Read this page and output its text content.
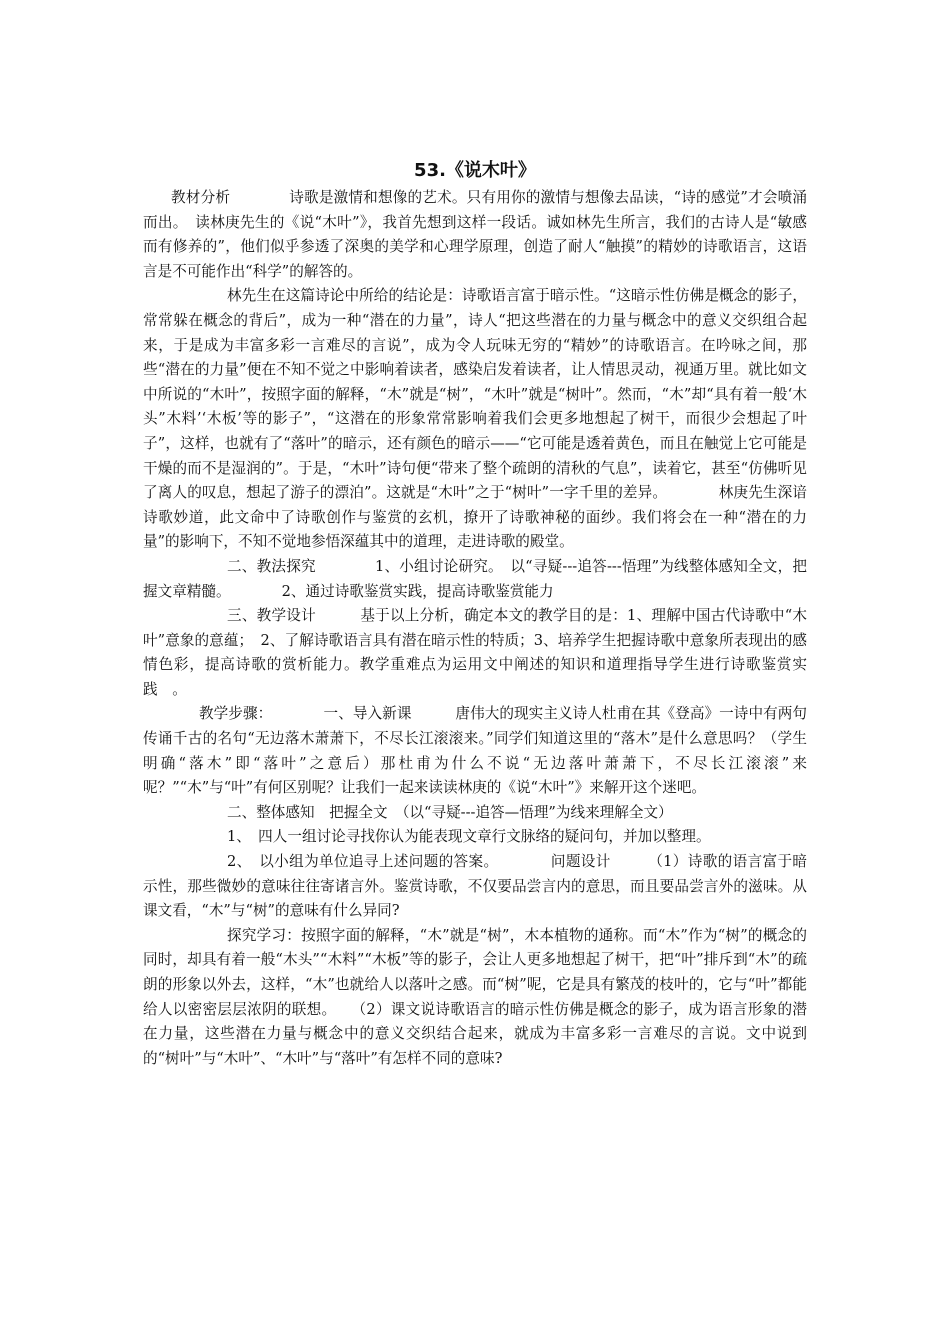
53.《说木叶》

教材分析　　　　诗歌是激情和想像的艺术。只有用你的激情与想像去品读，“诗的感觉”才会喷涌而出。　读林庚先生的《说“木叶”》，我首先想到这样一段话。诚如林先生所言，我们的古诗人是“敏感而有修养的”，他们似乎参透了深奥的美学和心理学原理，创造了耐人“触摸”的精妙的诗歌语言，这语言是不可能作出“科学”的解答的。

林先生在这篇诗论中所给的结论是：诗歌语言富于暗示性。“这暗示性仿佛是概念的影子，常常躲在概念的背后”，成为一种“潜在的力量”，诗人“把这些潜在的力量与概念中的意义交织组合起来，于是成为丰富多彩一言难尽的言说”，成为令人玩味无穷的“精妙”的诗歌语言。在吟咏之间，那些“潜在的力量”便在不知不觉之中影响着读者，感染启发着读者，让人情思灵动，视通万里。就比如文中所说的“木叶”，按照字面的解释，“木”就是“树”，“木叶”就是“树叶”。然而，“木”却“具有着一般‘木头”木料’‘木板’等的影子”，“这潜在的形象常常影响着我们会更多地想起了树干，而很少会想起了叶子”，这样，也就有了“落叶”的暗示，还有颜色的暗示——“它可能是透着黄色，而且在触觉上它可能是干燥的而不是湿润的”。于是，“木叶”诗句便“带来了整个疏朗的清秋的气息”，读着它，甚至“仿佛听见了离人的叹息，想起了游子的漂泊”。这就是“木叶”之于“树叶”一字千里的差异。　　　　林庚先生深谙诗歌妙道，此文命中了诗歌创作与鉴赏的玄机，撩开了诗歌神秘的面纱。我们将会在一种“潜在的力量”的影响下，不知不觉地参悟深蕴其中的道理，走进诗歌的殿堂。

二、教法探究　　　　1、小组讨论研究。　以“寻疑---追答---悟理”为线整体感知全文，把握文章精髓。　　　　2、通过诗歌鉴赏实践，提高诗歌鉴赏能力

三、教学设计　　　基于以上分析，确定本文的教学目的是：1、理解中国古代诗歌中“木叶”意象的意蕴；　2、了解诗歌语言具有潜在暗示性的特质；3、培养学生把握诗歌中意象所表现出的感情色彩，提高诗歌的赏析能力。教学重难点为运用文中阐述的知识和道理指导学生进行诗歌鉴赏实践　。

教学步骤：　　　　一、导入新课　　　唐伟大的现实主义诗人杜甫在其《登高》一诗中有两句传诵千古的名句“无边落木萧萧下，不尽长江滚滚来。”同学们知道这里的“落木”是什么意思吗？（学生明确“落木”即“落叶”之意后）那杜甫为什么不说“无边落叶萧萧下，不尽长江滚滚”来呢？”“木”与“叶”有何区别呢？让我们一起来读读林庚的《说“木叶”》来解开这个迷吧。

二、整体感知　把握全文　（以“寻疑---追答—悟理”为线来理解全文）

1、　四人一组讨论寻找你认为能表现文章行文脉络的疑问句，并加以整理。

2、　以小组为单位追寻上述问题的答案。　　　　问题设计　　　（1）诗歌的语言富于暗示性，那些微妙的意味往往寄诸言外。鉴赏诗歌，不仅要品尝言内的意思，而且要品尝言外的滋味。从课文看，“木”与“树”的意味有什么异同?

探究学习：按照字面的解释，“木”就是“树”，木本植物的通称。而“木”作为“树”的概念的同时，却具有着一般“木头”“木料”“木板”等的影子，会让人更多地想起了树干，把“叶”排斥到“木”的疏朗的形象以外去，这样，“木”也就给人以落叶之感。而“树”呢，它是具有繁茂的枝叶的，它与“叶”都能给人以密密层层浓阴的联想。　　（2）课文说诗歌语言的暗示性仿佛是概念的影子，成为语言形象的潜在力量，这些潜在力量与概念中的意义交织结合起来，就成为丰富多彩一言难尽的言说。文中说到的“树叶”与“木叶”、“木叶”与“落叶”有怎样不同的意味?
